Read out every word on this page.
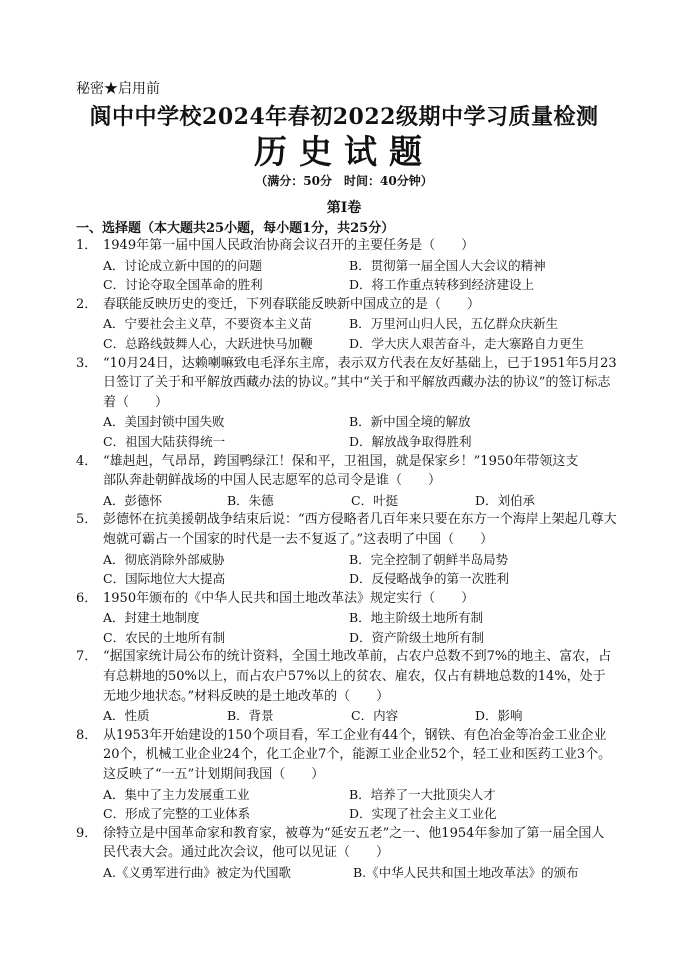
秘密★启用前
阆中中学校2024年春初2022级期中学习质量检测
历史试题
（满分：50分　时间：40分钟）
第Ⅰ卷
一、选择题（本大题共25小题，每小题1分，共25分）
1． 1949年第一届中国人民政治协商会议召开的主要任务是（　　）
A．讨论成立新中国的的问题	B．贯彻第一届全国人大会议的精神
C．讨论夺取全国革命的胜利	D．将工作重点转移到经济建设上
2． 春联能反映历史的变迁，下列春联能反映新中国成立的是（　　）
A．宁要社会主义草，不要资本主义苗	B．万里河山归人民，五亿群众庆新生
C．总路线鼓舞人心，大跃进快马加鞭	D．学大庆人艰苦奋斗，走大寨路自力更生
3． “10月24日，达赖喇嘛致电毛泽东主席，表示双方代表在友好基础上，已于1951年5月23日签订了关于和平解放西藏办法的协议。”其中“关于和平解放西藏办法的协议”的签订标志着（　　）
A．美国封锁中国失败	B．新中国全境的解放
C．祖国大陆获得统一	D．解放战争取得胜利
4． “雄赳赳，气昂昂，跨国鸭绿江！保和平，卫祖国，就是保家乡！”1950年带领这支
部队奔赴朝鲜战场的中国人民志愿军的总司令是谁（　　）
A．彭德怀	B．朱德	C．叶挺	D．刘伯承
5． 彭德怀在抗美援朝战争结束后说：“西方侵略者几百年来只要在东方一个海岸上架起几尊大炮就可霸占一个国家的时代是一去不复返了。”这表明了中国（　　）
A．彻底消除外部威胁	B．完全控制了朝鲜半岛局势
C．国际地位大大提高	D．反侵略战争的第一次胜利
6． 1950年颁布的《中华人民共和国土地改革法》规定实行（　　）
A．封建土地制度	B．地主阶级土地所有制
C．农民的土地所有制	D．资产阶级土地所有制
7． “据国家统计局公布的统计资料，全国土地改革前，占农户总数不到7%的地主、富农，占有总耕地的50%以上，而占农户57%以上的贫农、雇农，仅占有耕地总数的14%，处于无地少地状态。”材料反映的是土地改革的（　　）
A．性质	B．背景	C．内容	D．影响
8． 从1953年开始建设的150个项目看，军工企业有44个，钢铁、有色冶金等冶金工业企业20个，机械工业企业24个，化工企业7个，能源工业企业52个，轻工业和医药工业3个。这反映了“一五”计划期间我国（　　）
A．集中了主力发展重工业	B．培养了一大批顶尖人才
C．形成了完整的工业体系	D．实现了社会主义工业化
9． 徐特立是中国革命家和教育家，被尊为“延安五老”之一、他1954年参加了第一届全国人民代表大会。通过此次会议，他可以见证（　　）
A.《义勇军进行曲》被定为代国歌	B.《中华人民共和国土地改革法》的颁布
